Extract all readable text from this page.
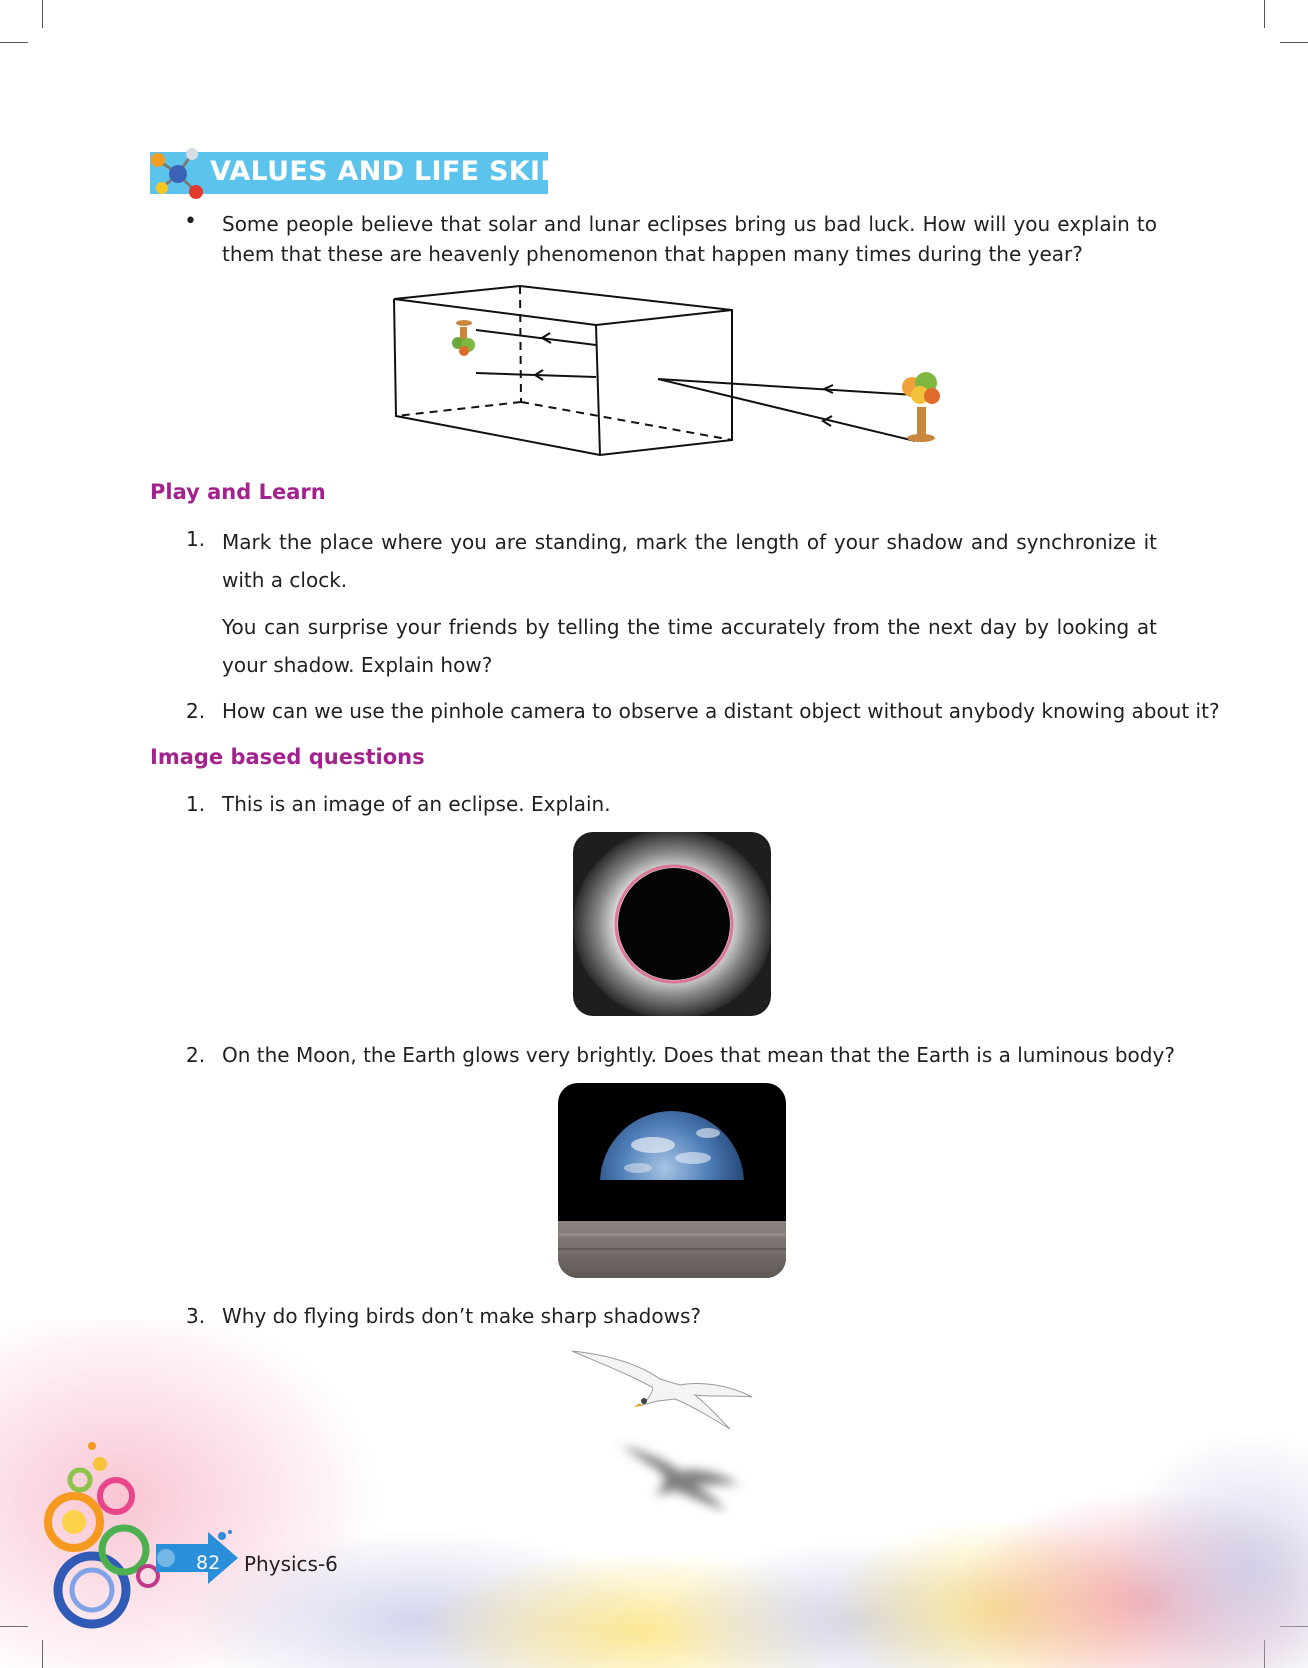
VALUES AND LIFE SKILLS
• Some people believe that solar and lunar eclipses bring us bad luck. How will you explain to them that these are heavenly phenomenon that happen many times during the year?
Play and Learn
1. Mark the place where you are standing, mark the length of your shadow and synchronize it with a clock.
You can surprise your friends by telling the time accurately from the next day by looking at your shadow. Explain how?
2. How can we use the pinhole camera to observe a distant object without anybody knowing about it?
Image based questions
1. This is an image of an eclipse. Explain.
2. On the Moon, the Earth glows very brightly. Does that mean that the Earth is a luminous body?
3. Why do flying birds don’t make sharp shadows?
82 Physics-6
